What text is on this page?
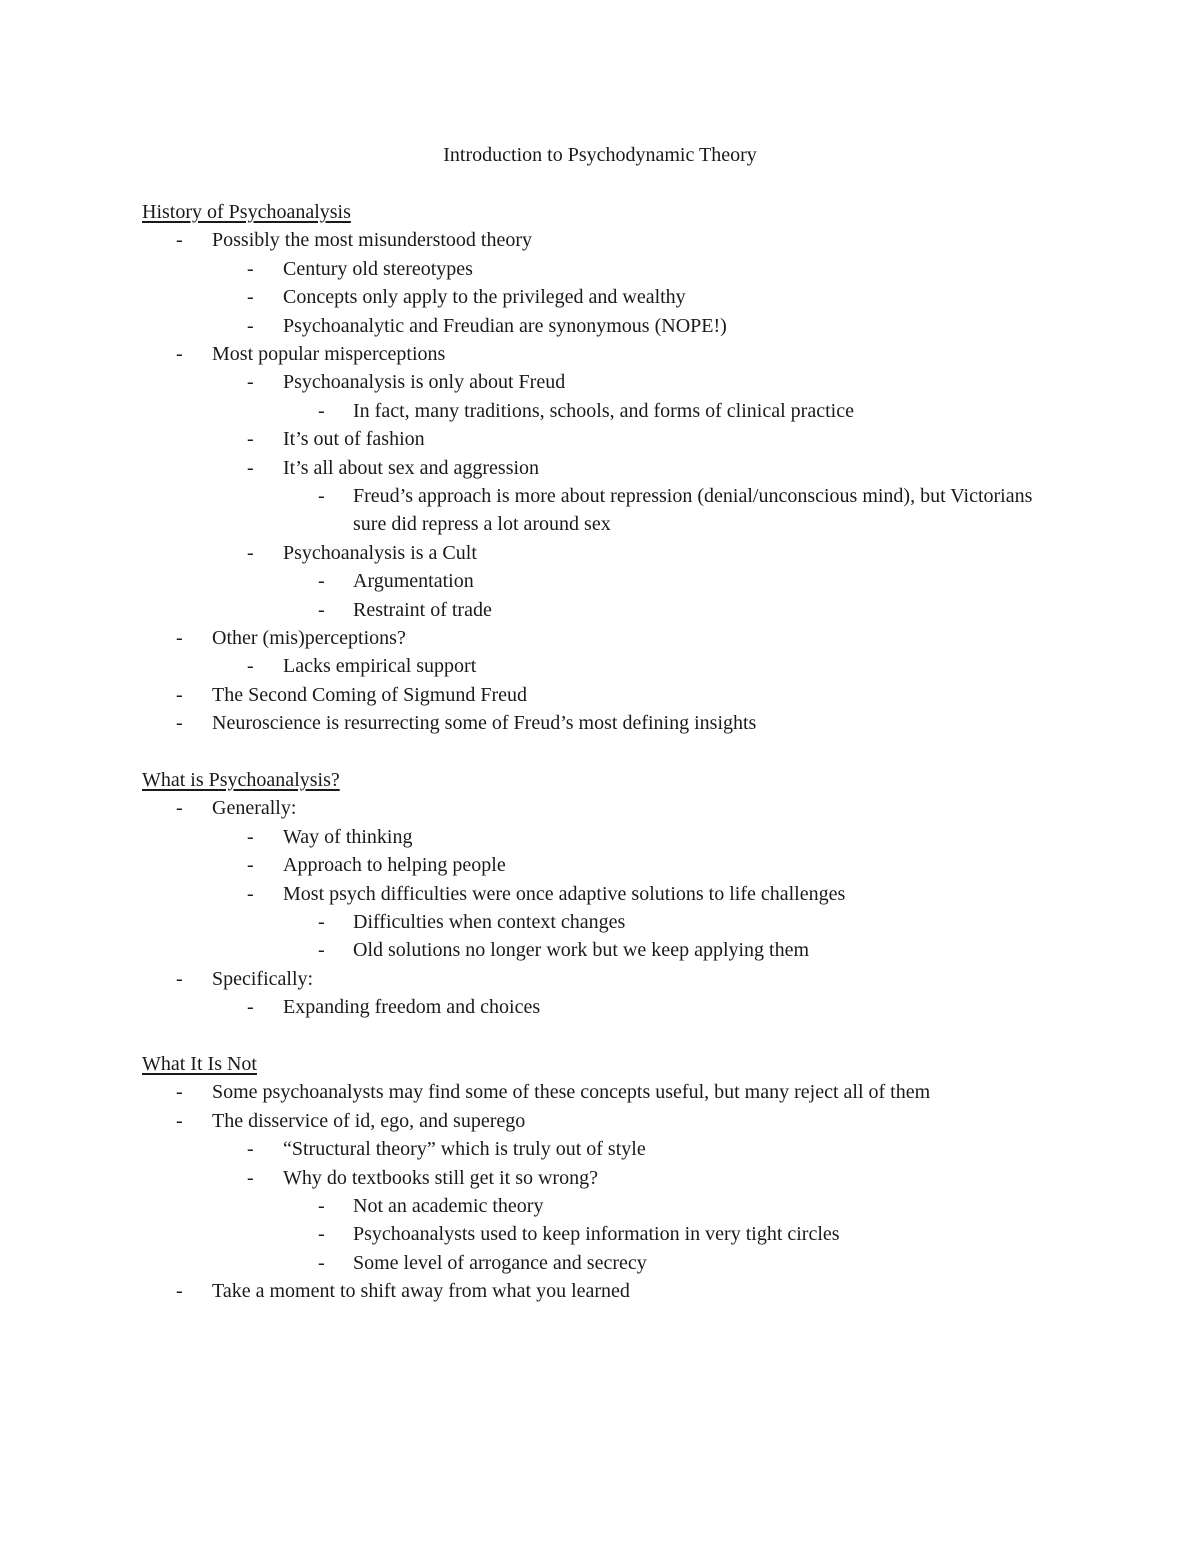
Introduction to Psychodynamic Theory
History of Psychoanalysis
- Possibly the most misunderstood theory
- Century old stereotypes
- Concepts only apply to the privileged and wealthy
- Psychoanalytic and Freudian are synonymous (NOPE!)
- Most popular misperceptions
- Psychoanalysis is only about Freud
- In fact, many traditions, schools, and forms of clinical practice
- It’s out of fashion
- It’s all about sex and aggression
- Freud’s approach is more about repression (denial/unconscious mind), but Victorians sure did repress a lot around sex
- Psychoanalysis is a Cult
- Argumentation
- Restraint of trade
- Other (mis)perceptions?
- Lacks empirical support
- The Second Coming of Sigmund Freud
- Neuroscience is resurrecting some of Freud’s most defining insights
What is Psychoanalysis?
- Generally:
- Way of thinking
- Approach to helping people
- Most psych difficulties were once adaptive solutions to life challenges
- Difficulties when context changes
- Old solutions no longer work but we keep applying them
- Specifically:
- Expanding freedom and choices
What It Is Not
- Some psychoanalysts may find some of these concepts useful, but many reject all of them
- The disservice of id, ego, and superego
- “Structural theory” which is truly out of style
- Why do textbooks still get it so wrong?
- Not an academic theory
- Psychoanalysts used to keep information in very tight circles
- Some level of arrogance and secrecy
- Take a moment to shift away from what you learned
